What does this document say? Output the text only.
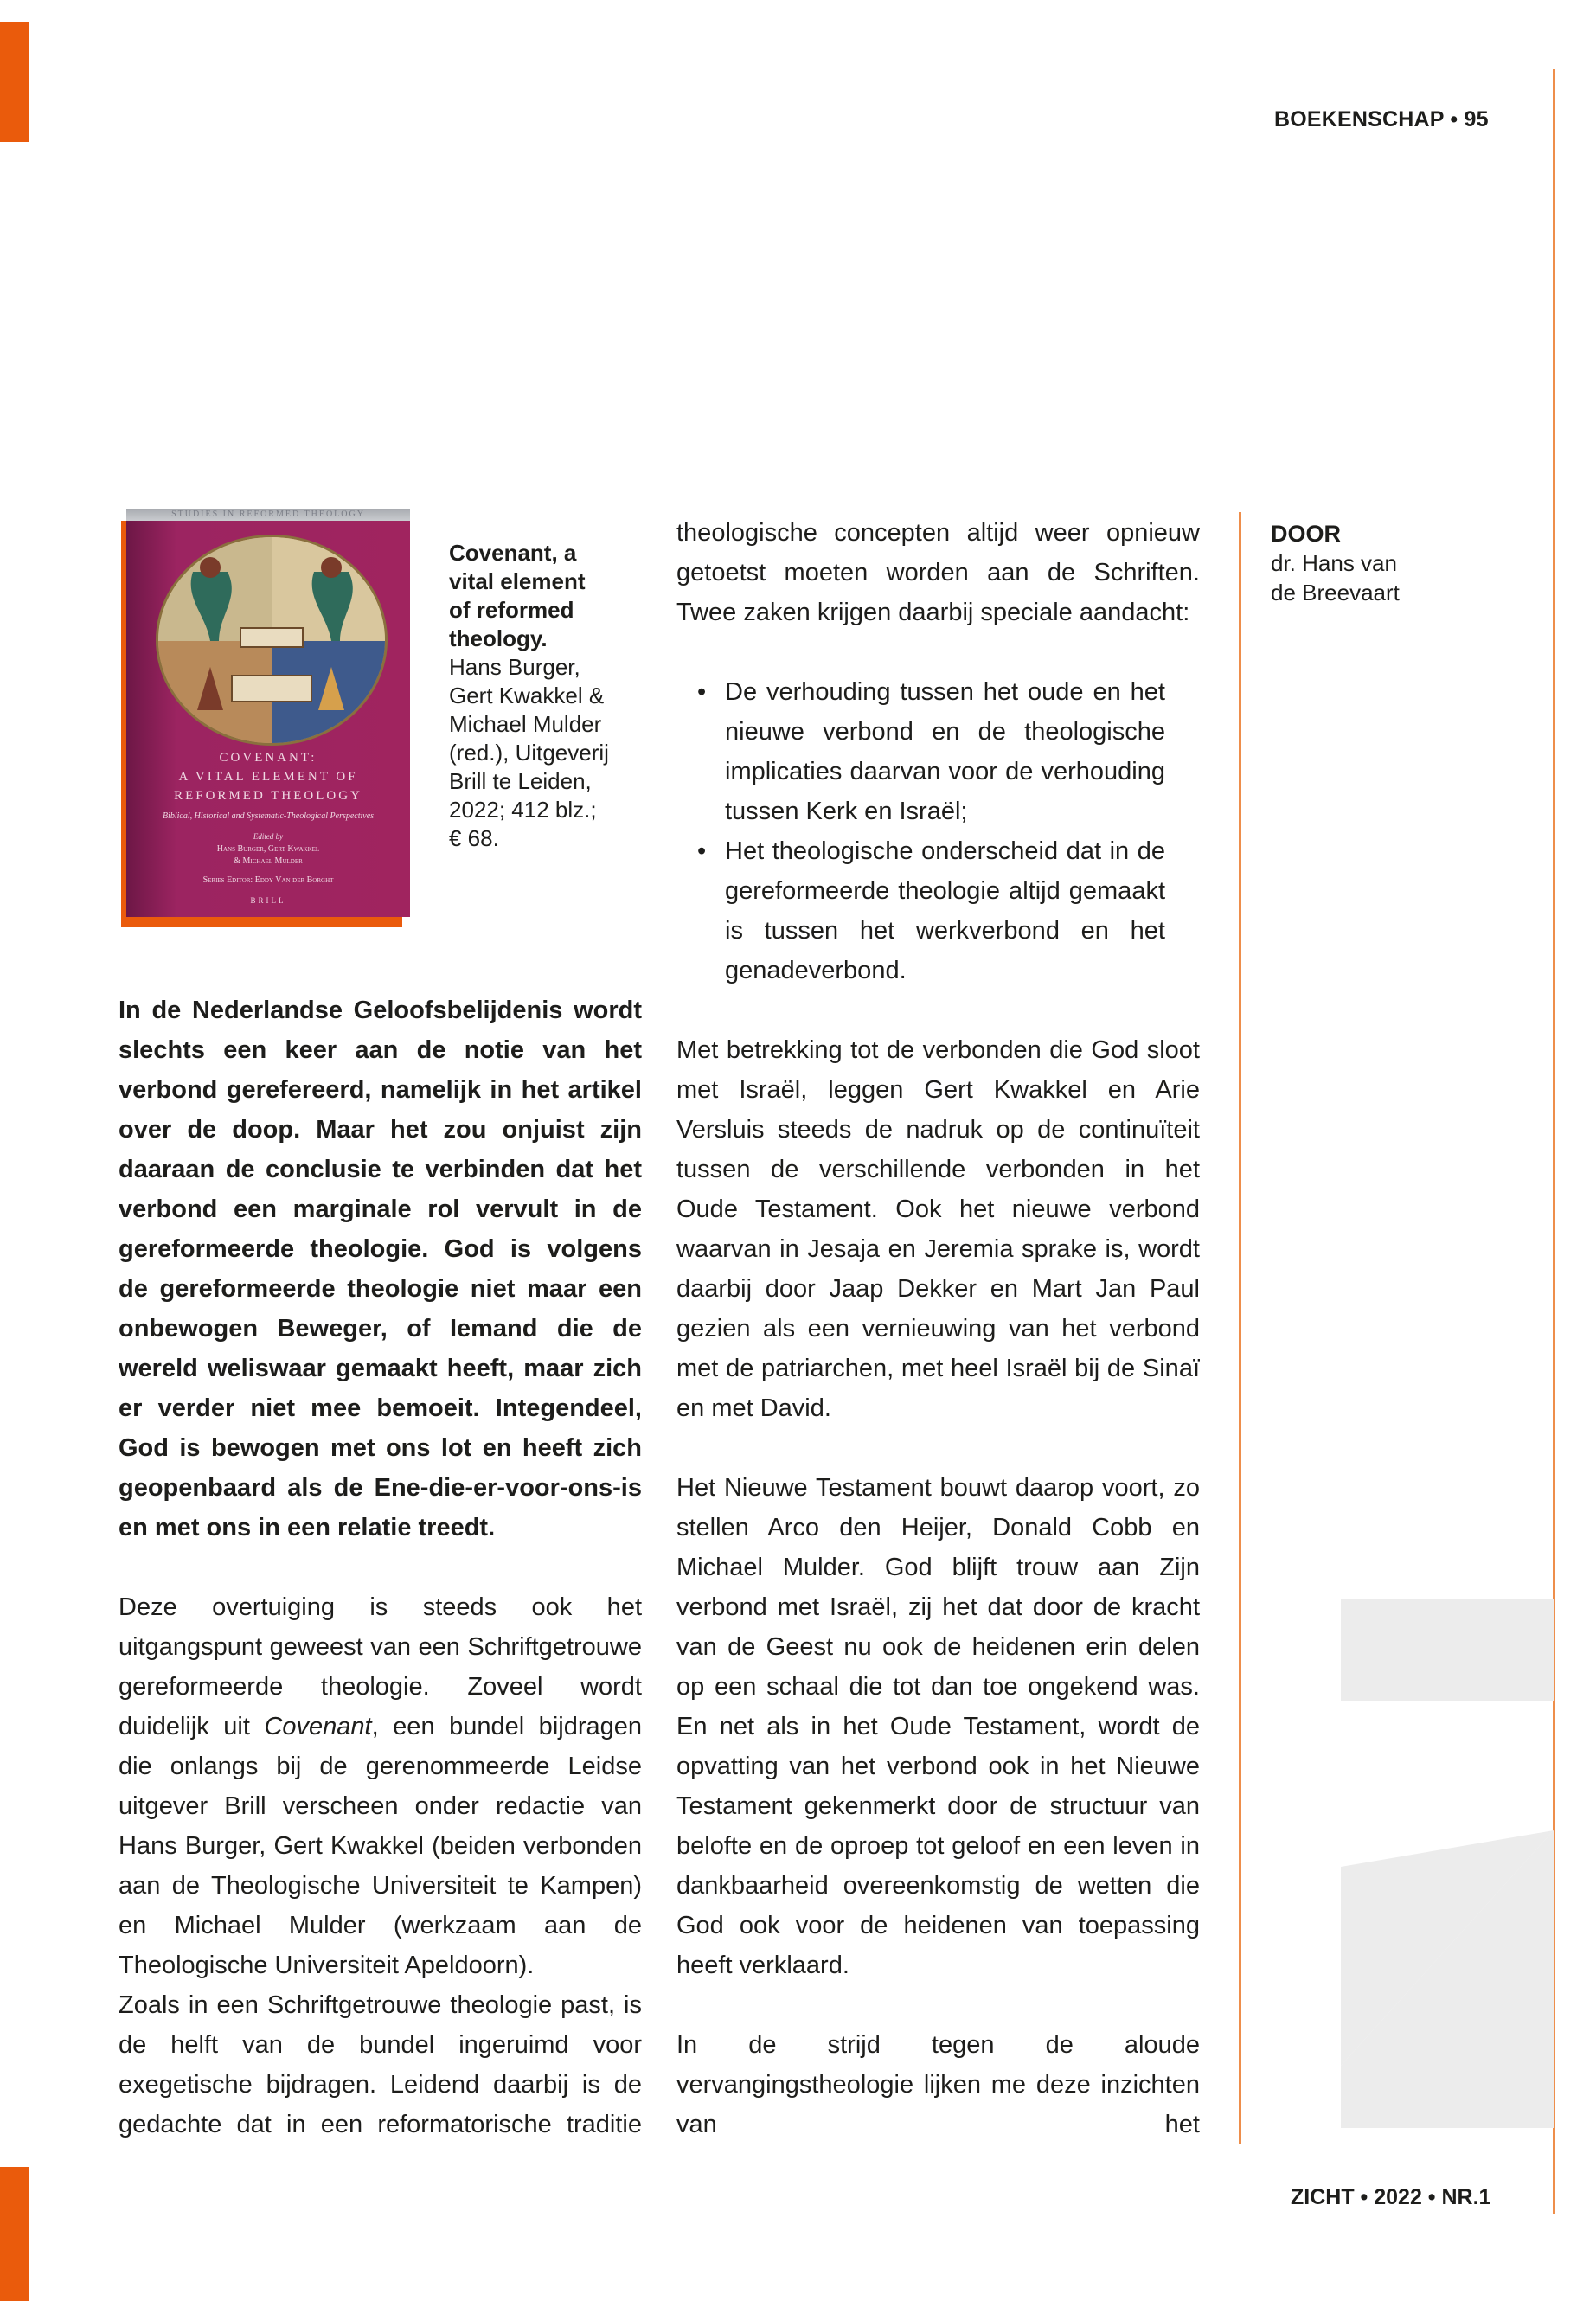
BOEKENSCHAP • 95
STUDIES IN REFORMED THEOLOGY
COVENANT:
A VITAL ELEMENT OF
REFORMED THEOLOGY
Biblical, Historical and Systematic-Theological Perspectives
Edited by
Hans Burger, Gert Kwakkel
& Michael Mulder
Series Editor: Eddy Van der Borght
BRILL
Covenant, a
vital element
of reformed
theology.
Hans Burger,
Gert Kwakkel &
Michael Mulder
(red.), Uitgeverij
Brill te Leiden,
2022; 412 blz.;
€ 68.
DOOR
dr. Hans van
de Breevaart

In de Nederlandse Geloofsbelijdenis wordt slechts een keer aan de notie van het verbond gerefereerd, namelijk in het artikel over de doop. Maar het zou onjuist zijn daaraan de conclusie te verbinden dat het verbond een marginale rol vervult in de gereformeerde theologie. God is volgens de gereformeerde theologie niet maar een onbewogen Beweger, of Iemand die de wereld weliswaar gemaakt heeft, maar zich er verder niet mee bemoeit. Integendeel, God is bewogen met ons lot en heeft zich geopenbaard als de Ene-die-er-voor-ons-is en met ons in een relatie treedt.

Deze overtuiging is steeds ook het uitgangspunt geweest van een Schriftgetrouwe gereformeerde theologie. Zoveel wordt duidelijk uit Covenant, een bundel bijdragen die onlangs bij de gerenommeerde Leidse uitgever Brill verscheen onder redactie van Hans Burger, Gert Kwakkel (beiden verbonden aan de Theologische Universiteit te Kampen) en Michael Mulder (werkzaam aan de Theologische Universiteit Apeldoorn).

Zoals in een Schriftgetrouwe theologie past, is de helft van de bundel ingeruimd voor exegetische bijdragen. Leidend daarbij is de gedachte dat in een reformatorische traditie

theologische concepten altijd weer opnieuw getoetst moeten worden aan de Schriften. Twee zaken krijgen daarbij speciale aandacht:

• De verhouding tussen het oude en het nieuwe verbond en de theologische implicaties daarvan voor de verhouding tussen Kerk en Israël;
• Het theologische onderscheid dat in de gereformeerde theologie altijd gemaakt is tussen het werkverbond en het genadeverbond.

Met betrekking tot de verbonden die God sloot met Israël, leggen Gert Kwakkel en Arie Versluis steeds de nadruk op de continuïteit tussen de verschillende verbonden in het Oude Testament. Ook het nieuwe verbond waarvan in Jesaja en Jeremia sprake is, wordt daarbij door Jaap Dekker en Mart Jan Paul gezien als een vernieuwing van het verbond met de patriarchen, met heel Israël bij de Sinaï en met David.

Het Nieuwe Testament bouwt daarop voort, zo stellen Arco den Heijer, Donald Cobb en Michael Mulder. God blijft trouw aan Zijn verbond met Israël, zij het dat door de kracht van de Geest nu ook de heidenen erin delen op een schaal die tot dan toe ongekend was. En net als in het Oude Testament, wordt de opvatting van het verbond ook in het Nieuwe Testament gekenmerkt door de structuur van belofte en de oproep tot geloof en een leven in dankbaarheid overeenkomstig de wetten die God ook voor de heidenen van toepassing heeft verklaard.

In de strijd tegen de aloude vervangingstheologie lijken me deze inzichten van het

ZICHT • 2022 • NR.1
